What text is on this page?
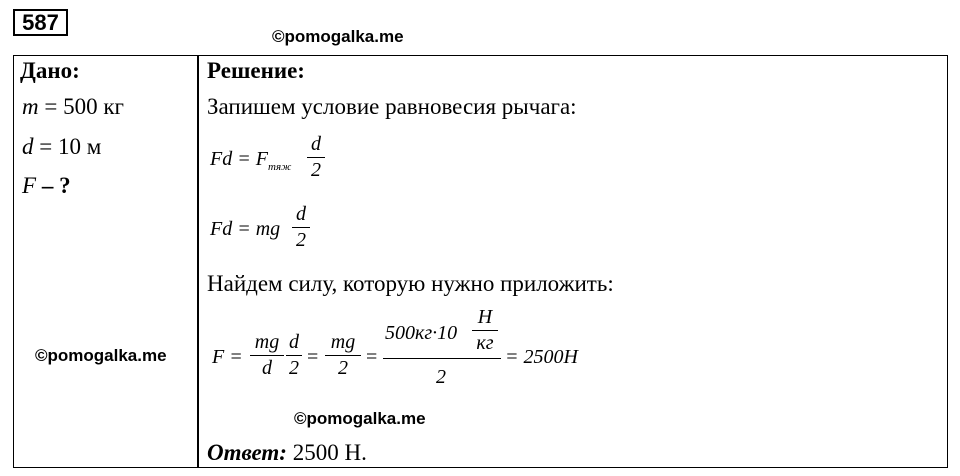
587
©pomogalka.me
©pomogalka.me
©pomogalka.me
Дано:
m = 500 кг
d = 10 м
F – ?
Решение:
Запишем условие равновесия рычага:
$Fd = F_{тяж}$
d
2
Fd = mg
d
2
Найдем силу, которую нужно приложить:
F =
mg
d
d
2 =
mg
2 =
500кг·10
Н
кг
2
= 2500Н
Ответ: 2500 Н.
